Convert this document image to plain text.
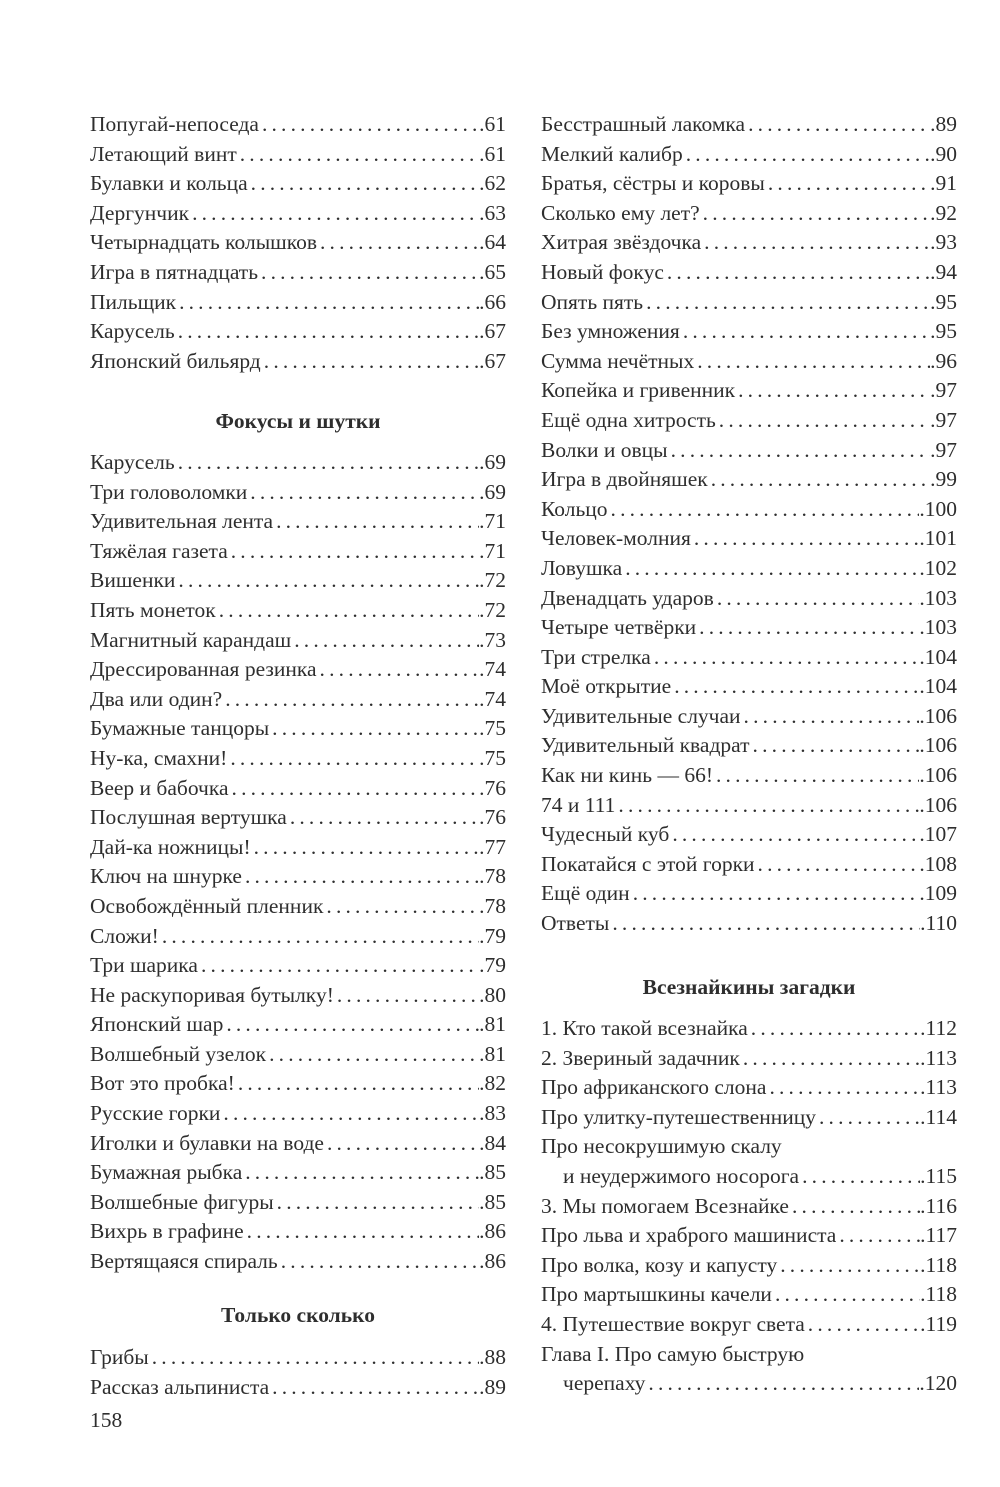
Попугай-непоседа . . .	.61
Летающий винт . . .	.61
Булавки и кольца . . .	.62
Дергунчик . . .	.63
Четырнадцать колышков . . .	.64
Игра в пятнадцать . . .	.65
Пильщик . . .	.66
Карусель . . .	.67
Японский бильярд . . .	.67
Фокусы и шутки
Карусель . . .	.69
Три головоломки . . .	.69
Удивительная лента . . .	.71
Тяжёлая газета . . .	.71
Вишенки . . .	.72
Пять монеток . . .	.72
Магнитный карандаш . . .	.73
Дрессированная резинка . . .	.74
Два или один? . . .	.74
Бумажные танцоры . . .	.75
Ну-ка, смахни! . . .	.75
Веер и бабочка . . .	.76
Послушная вертушка . . .	.76
Дай-ка ножницы! . . .	.77
Ключ на шнурке . . .	.78
Освобождённый пленник . . .	.78
Сложи! . . .	.79
Три шарика . . .	.79
Не раскупоривая бутылку! . . .	.80
Японский шар . . .	.81
Волшебный узелок . . .	.81
Вот это пробка! . . .	.82
Русские горки . . .	.83
Иголки и булавки на воде . . .	.84
Бумажная рыбка . . .	.85
Волшебные фигуры . . .	.85
Вихрь в графине . . .	.86
Вертящаяся спираль . . .	.86
Только сколько
Грибы . . .	.88
Рассказ альпиниста . . .	.89
158
Бесстрашный лакомка . . .	.89
Мелкий калибр . . .	.90
Братья, сёстры и коровы . . .	.91
Сколько ему лет? . . .	.92
Хитрая звёздочка . . .	.93
Новый фокус . . .	.94
Опять пять . . .	.95
Без умножения . . .	.95
Сумма нечётных . . .	.96
Копейка и гривенник . . .	.97
Ещё одна хитрость . . .	.97
Волки и овцы . . .	.97
Игра в двойняшек . . .	.99
Кольцо . . .	.100
Человек-молния . . .	.101
Ловушка . . .	.102
Двенадцать ударов . . .	.103
Четыре четвёрки . . .	.103
Три стрелка . . .	.104
Моё открытие . . .	.104
Удивительные случаи . . .	.106
Удивительный квадрат . . .	.106
Как ни кинь — 66! . . .	.106
74 и 111 . . .	.106
Чудесный куб . . .	.107
Покатайся с этой горки . . .	.108
Ещё один . . .	.109
Ответы . . .	.110
Всезнайкины загадки
1. Кто такой всезнайка . . .	.112
2. Звериный задачник . . .	.113
Про африканского слона . . .	.113
Про улитку-путешественницу . . .	.114
Про несокрушимую скалу
и неудержимого носорога . . .	.115
3. Мы помогаем Всезнайке . . .	.116
Про льва и храброго машиниста . . .	.117
Про волка, козу и капусту . . .	.118
Про мартышкины качели . . .	.118
4. Путешествие вокруг света . . .	.119
Глава I. Про самую быструю
черепаху . . .	.120
